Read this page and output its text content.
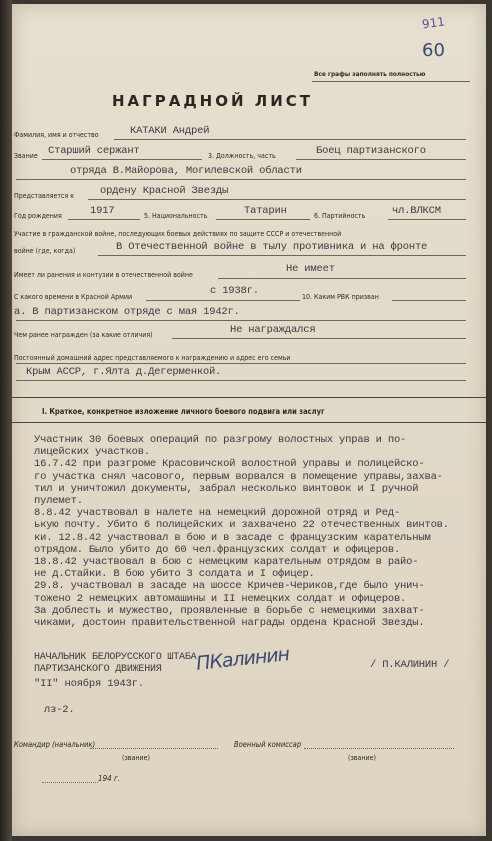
911
60
Все графы заполнять полностью
НАГРАДНОЙ ЛИСТ
Фамилия, имя и отчество	КАТАКИ Андрей
Звание Старший сержант	3. Должность, часть	Боец партизанского
отряда В.Майорова, Могилевской области
Представляется к ордену Красной Звезды
Год рождения	1917	5. Национальность	Татарин	6. Партийность	чл.ВЛКСМ
Участие в гражданской войне, последующих боевых действиях по защите СССР и отечественной
войне (где, когда)	В Отечественной войне в тылу противника и на фронте
Имеет ли ранения и контузии в отечественной войне	Не имеет
С какого времени в Красной Армии	с 1938г.	10. Каким РВК призван
а. В партизанском отряде с мая 1942г.
Чем ранее награжден (за какие отличия)	Не награждался
Постоянный домашний адрес представляемого к награждению и адрес его семьи
Крым АССР, г.Ялта д.Дегерменкой.
I. Краткое, конкретное изложение личного боевого подвига или заслуг
Участник 30 боевых операций по разгрому волостных управ и по-
лицейских участков.
16.7.42 при разгроме Красовичской волостной управы и полицейско-
го участка снял часового, первым ворвался в помещение управы,захва-
тил и уничтожил документы, забрал несколько винтовок и I ручной
пулемет.
8.8.42 участвовал в налете на немецкий дорожной отряд и Ред-
ькую почту. Убито 6 полицейских и захвачено 22 отечественных винтов.
ки. 12.8.42 участвовал в бою и в засаде с французским карательным
отрядом. Было убито до 60 чел.французских солдат и офицеров.
18.8.42 участвовал в бою с немецким карательным отрядом в райо-
не д.Стайки. В бою убито 3 солдата и I офицер.
29.8. участвовал в засаде на шоссе Кричев-Чериков,где было унич-
тожено 2 немецких автомашины и II немецких солдат и офицеров.
За доблесть и мужество, проявленные в борьбе с немецкими захват-
чиками, достоин правительственной награды ордена Красной Звезды.
НАЧАЛЬНИК БЕЛОРУССКОГО ШТАБА
ПАРТИЗАНСКОГО ДВИЖЕНИЯ ПКалинин	/ П.КАЛИНИН /
"II" ноября 1943г.
лз-2.
Командир (начальник)
(звание)
Военный комиссар
(звание)
194 г.
